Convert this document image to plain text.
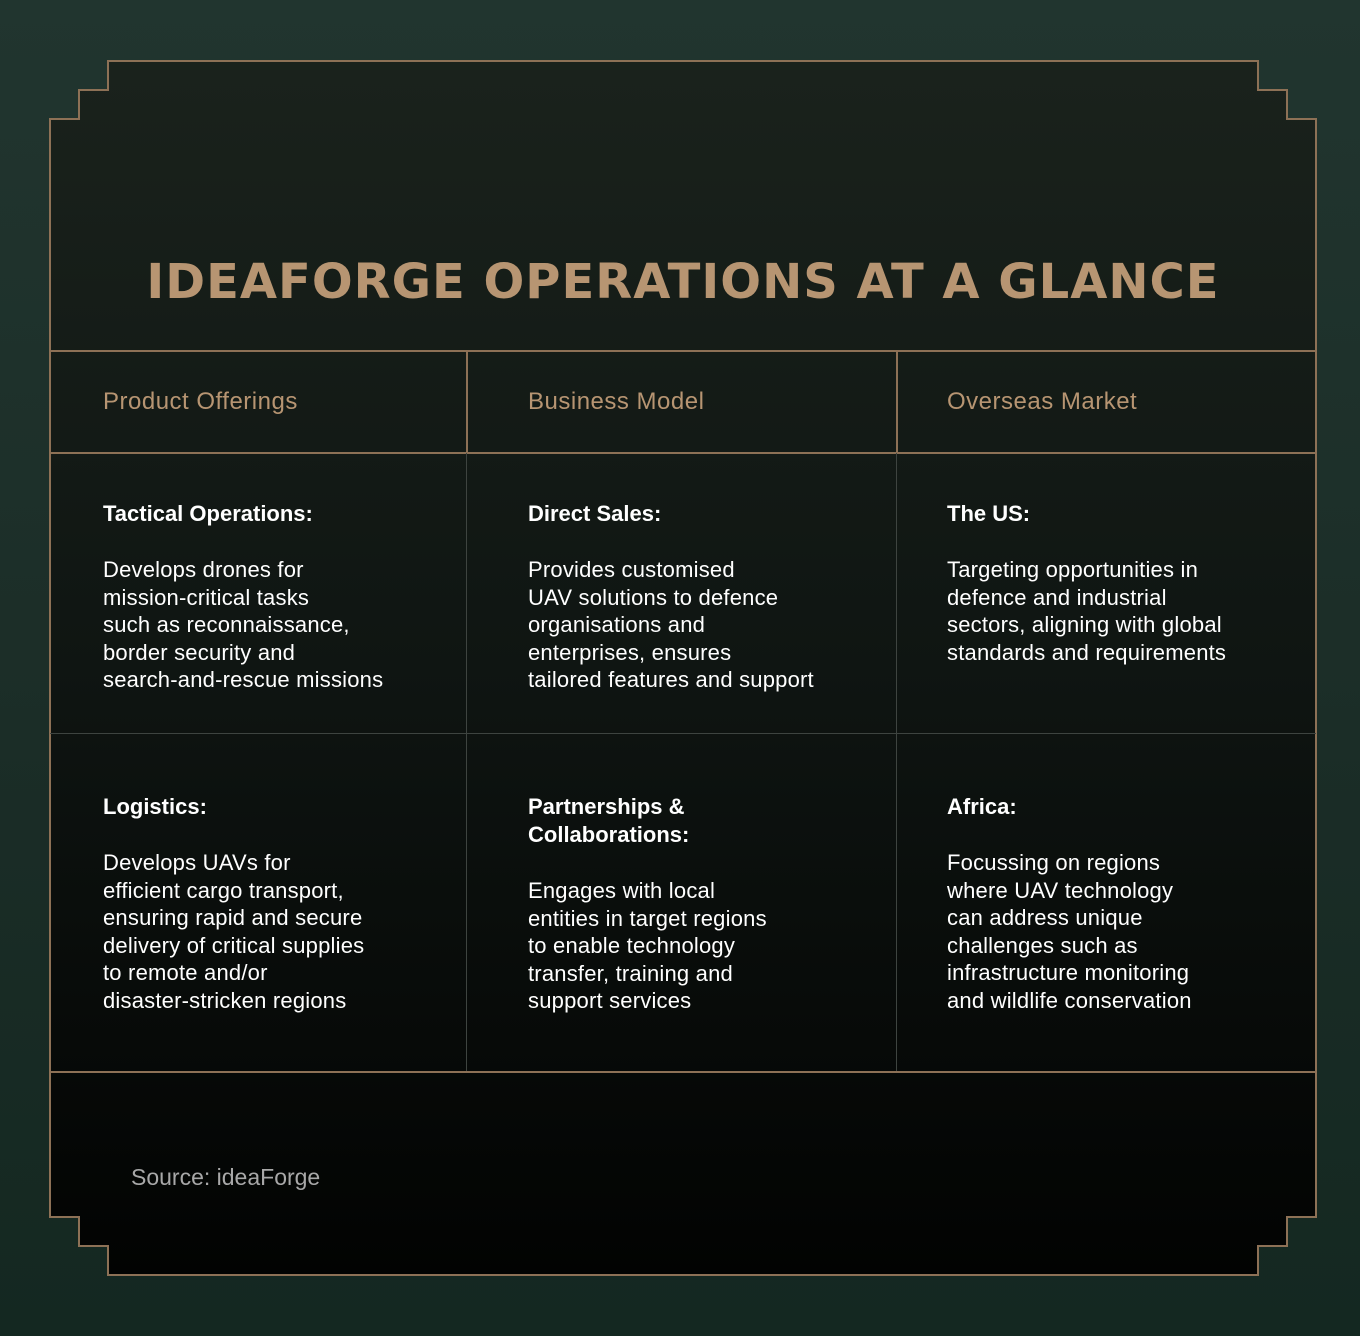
IDEAFORGE OPERATIONS AT A GLANCE
Product Offerings	Business Model	Overseas Market
Tactical Operations:
Develops drones for
mission-critical tasks
such as reconnaissance,
border security and
search-and-rescue missions
Direct Sales:
Provides customised
UAV solutions to defence
organisations and
enterprises, ensures
tailored features and support
The US:
Targeting opportunities in
defence and industrial
sectors, aligning with global
standards and requirements
Logistics:
Develops UAVs for
efficient cargo transport,
ensuring rapid and secure
delivery of critical supplies
to remote and/or
disaster-stricken regions
Partnerships &
Collaborations:
Engages with local
entities in target regions
to enable technology
transfer, training and
support services
Africa:
Focussing on regions
where UAV technology
can address unique
challenges such as
infrastructure monitoring
and wildlife conservation
Source: ideaForge
